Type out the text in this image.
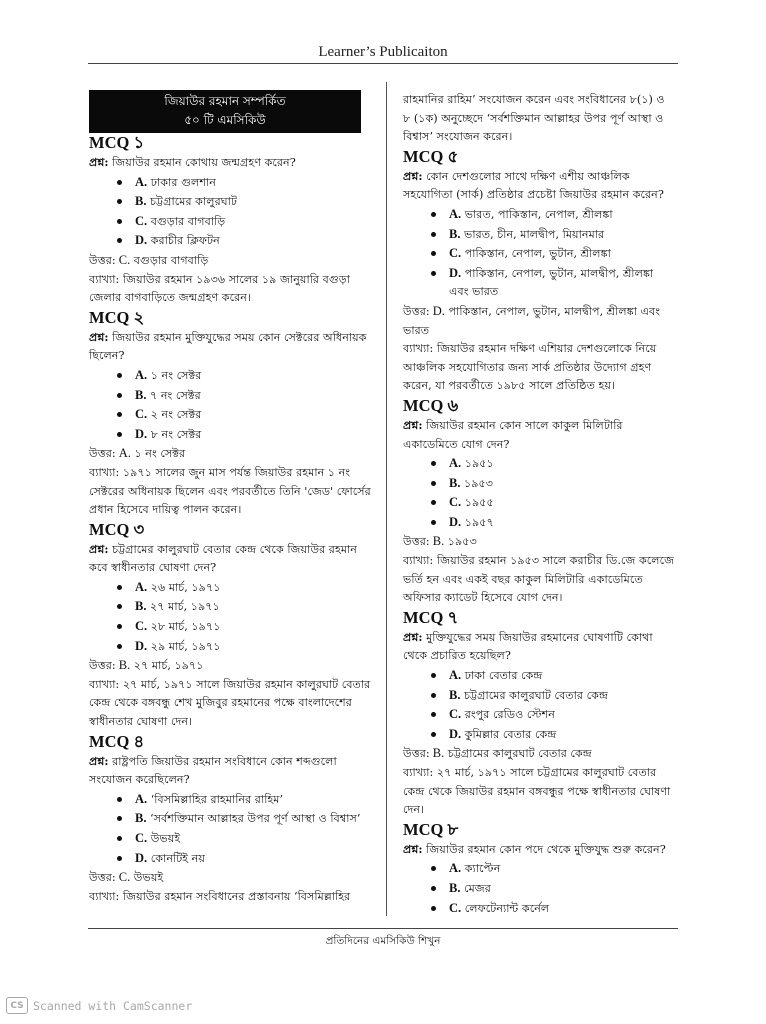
Learner’s Publicaiton
জিয়াউর রহমান সম্পর্কিত
৫০ টি এমসিকিউ
MCQ ১

প্রশ্ন: জিয়াউর রহমান কোথায় জন্মগ্রহণ করেন?

A. ঢাকার গুলশান
B. চট্টগ্রামের কালুরঘাট
C. বগুড়ার বাগবাড়ি
D. করাচীর ক্লিফটন

উত্তর: C. বগুড়ার বাগবাড়ি

ব্যাখ্যা: জিয়াউর রহমান ১৯৩৬ সালের ১৯ জানুয়ারি বগুড়া জেলার বাগবাড়িতে জন্মগ্রহণ করেন।

MCQ ২

প্রশ্ন: জিয়াউর রহমান মুক্তিযুদ্ধের সময় কোন সেক্টরের অধিনায়ক ছিলেন?

A. ১ নং সেক্টর
B. ৭ নং সেক্টর
C. ২ নং সেক্টর
D. ৮ নং সেক্টর

উত্তর: A. ১ নং সেক্টর

ব্যাখ্যা: ১৯৭১ সালের জুন মাস পর্যন্ত জিয়াউর রহমান ১ নং সেক্টরের অধিনায়ক ছিলেন এবং পরবর্তীতে তিনি 'জেড' ফোর্সের প্রধান হিসেবে দায়িত্ব পালন করেন।

MCQ ৩

প্রশ্ন: চট্টগ্রামের কালুরঘাট বেতার কেন্দ্র থেকে জিয়াউর রহমান কবে স্বাধীনতার ঘোষণা দেন?

A. ২৬ মার্চ, ১৯৭১
B. ২৭ মার্চ, ১৯৭১
C. ২৮ মার্চ, ১৯৭১
D. ২৯ মার্চ, ১৯৭১

উত্তর: B. ২৭ মার্চ, ১৯৭১

ব্যাখ্যা: ২৭ মার্চ, ১৯৭১ সালে জিয়াউর রহমান কালুরঘাট বেতার কেন্দ্র থেকে বঙ্গবন্ধু শেখ মুজিবুর রহমানের পক্ষে বাংলাদেশের স্বাধীনতার ঘোষণা দেন।

MCQ ৪

প্রশ্ন: রাষ্ট্রপতি জিয়াউর রহমান সংবিধানে কোন শব্দগুলো সংযোজন করেছিলেন?

A. ‘বিসমিল্লাহির রাহমানির রাহিম’
B. ‘সর্বশক্তিমান আল্লাহর উপর পূর্ণ আস্থা ও বিশ্বাস’
C. উভয়ই
D. কোনটিই নয়

উত্তর: C. উভয়ই

ব্যাখ্যা: জিয়াউর রহমান সংবিধানের প্রস্তাবনায় ‘বিসমিল্লাহির

রাহমানির রাহিম’ সংযোজন করেন এবং সংবিধানের ৮(১) ও ৮ (১ক) অনুচ্ছেদে ‘সর্বশক্তিমান আল্লাহর উপর পূর্ণ আস্থা ও বিশ্বাস’ সংযোজন করেন।

MCQ ৫

প্রশ্ন: কোন দেশগুলোর সাথে দক্ষিণ এশীয় আঞ্চলিক সহযোগিতা (সার্ক) প্রতিষ্ঠার প্রচেষ্টা জিয়াউর রহমান করেন?

A. ভারত, পাকিস্তান, নেপাল, শ্রীলঙ্কা
B. ভারত, চীন, মালদ্বীপ, মিয়ানমার
C. পাকিস্তান, নেপাল, ভুটান, শ্রীলঙ্কা
D. পাকিস্তান, নেপাল, ভুটান, মালদ্বীপ, শ্রীলঙ্কা এবং ভারত

উত্তর: D. পাকিস্তান, নেপাল, ভুটান, মালদ্বীপ, শ্রীলঙ্কা এবং ভারত

ব্যাখ্যা: জিয়াউর রহমান দক্ষিণ এশিয়ার দেশগুলোকে নিয়ে আঞ্চলিক সহযোগিতার জন্য সার্ক প্রতিষ্ঠার উদ্যোগ গ্রহণ করেন, যা পরবর্তীতে ১৯৮৫ সালে প্রতিষ্ঠিত হয়।

MCQ ৬

প্রশ্ন: জিয়াউর রহমান কোন সালে কাকুল মিলিটারি একাডেমিতে যোগ দেন?

A. ১৯৫১
B. ১৯৫৩
C. ১৯৫৫
D. ১৯৫৭

উত্তর: B. ১৯৫৩

ব্যাখ্যা: জিয়াউর রহমান ১৯৫৩ সালে করাচীর ডি.জে কলেজে ভর্তি হন এবং একই বছর কাকুল মিলিটারি একাডেমিতে অফিসার ক্যাডেট হিসেবে যোগ দেন।

MCQ ৭

প্রশ্ন: মুক্তিযুদ্ধের সময় জিয়াউর রহমানের ঘোষণাটি কোথা থেকে প্রচারিত হয়েছিল?

A. ঢাকা বেতার কেন্দ্র
B. চট্টগ্রামের কালুরঘাট বেতার কেন্দ্র
C. রংপুর রেডিও স্টেশন
D. কুমিল্লার বেতার কেন্দ্র

উত্তর: B. চট্টগ্রামের কালুরঘাট বেতার কেন্দ্র

ব্যাখ্যা: ২৭ মার্চ, ১৯৭১ সালে চট্টগ্রামের কালুরঘাট বেতার কেন্দ্র থেকে জিয়াউর রহমান বঙ্গবন্ধুর পক্ষে স্বাধীনতার ঘোষণা দেন।

MCQ ৮

প্রশ্ন: জিয়াউর রহমান কোন পদে থেকে মুক্তিযুদ্ধ শুরু করেন?

A. ক্যাপ্টেন
B. মেজর
C. লেফটেন্যান্ট কর্নেল
প্রতিদিনের এমসিকিউ শিখুন
CS Scanned with CamScanner
